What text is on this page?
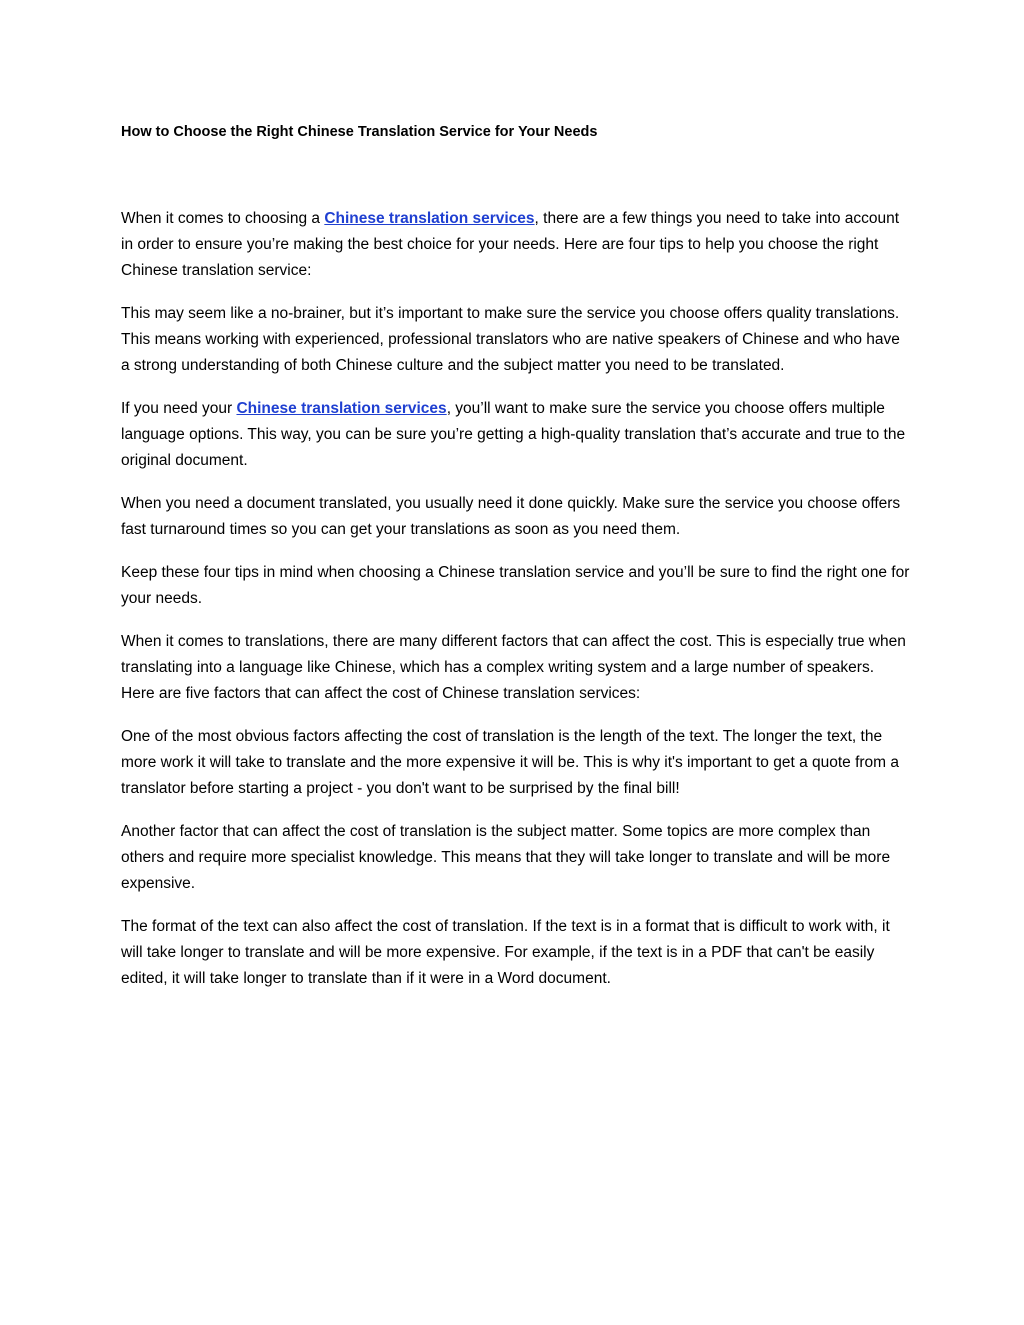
How to Choose the Right Chinese Translation Service for Your Needs

When it comes to choosing a Chinese translation services, there are a few things you need to take into account in order to ensure you’re making the best choice for your needs. Here are four tips to help you choose the right Chinese translation service:

This may seem like a no-brainer, but it’s important to make sure the service you choose offers quality translations. This means working with experienced, professional translators who are native speakers of Chinese and who have a strong understanding of both Chinese culture and the subject matter you need to be translated.

If you need your Chinese translation services, you’ll want to make sure the service you choose offers multiple language options. This way, you can be sure you’re getting a high-quality translation that’s accurate and true to the original document.

When you need a document translated, you usually need it done quickly. Make sure the service you choose offers fast turnaround times so you can get your translations as soon as you need them.

Keep these four tips in mind when choosing a Chinese translation service and you’ll be sure to find the right one for your needs.

When it comes to translations, there are many different factors that can affect the cost. This is especially true when translating into a language like Chinese, which has a complex writing system and a large number of speakers. Here are five factors that can affect the cost of Chinese translation services:

One of the most obvious factors affecting the cost of translation is the length of the text. The longer the text, the more work it will take to translate and the more expensive it will be. This is why it's important to get a quote from a translator before starting a project - you don't want to be surprised by the final bill!

Another factor that can affect the cost of translation is the subject matter. Some topics are more complex than others and require more specialist knowledge. This means that they will take longer to translate and will be more expensive.

The format of the text can also affect the cost of translation. If the text is in a format that is difficult to work with, it will take longer to translate and will be more expensive. For example, if the text is in a PDF that can't be easily edited, it will take longer to translate than if it were in a Word document.
